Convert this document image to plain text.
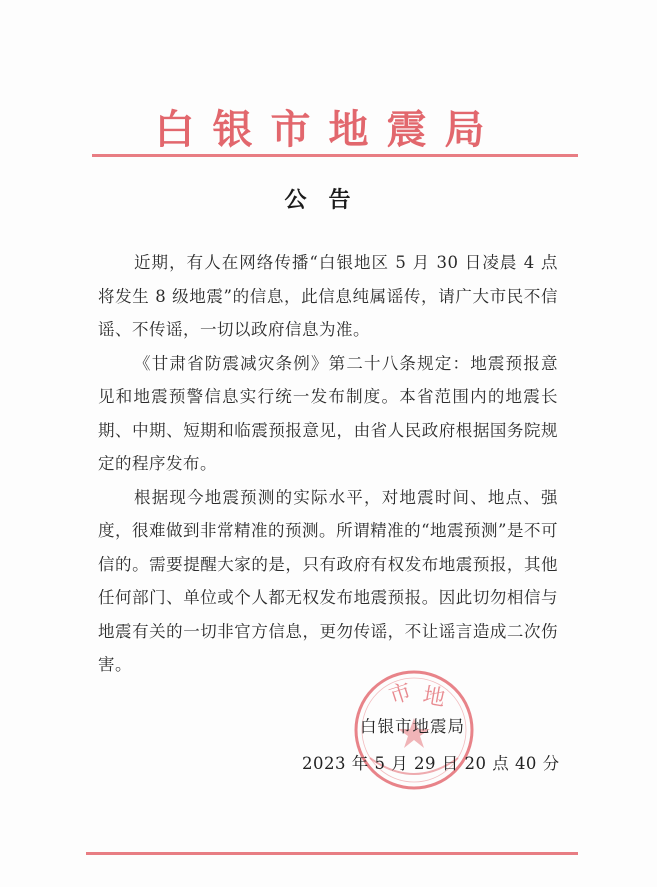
白银市地震局
公告

近期，有人在网络传播“白银地区 5 月 30 日凌晨 4 点将发生 8 级地震”的信息，此信息纯属谣传，请广大市民不信谣、不传谣，一切以政府信息为准。

《甘肃省防震减灾条例》第二十八条规定：地震预报意见和地震预警信息实行统一发布制度。本省范围内的地震长期、中期、短期和临震预报意见，由省人民政府根据国务院规定的程序发布。

根据现今地震预测的实际水平，对地震时间、地点、强度，很难做到非常精准的预测。所谓精准的“地震预测”是不可信的。需要提醒大家的是，只有政府有权发布地震预报，其他任何部门、单位或个人都无权发布地震预报。因此切勿相信与地震有关的一切非官方信息，更勿传谣，不让谣言造成二次伤害。

市 地
白银市地震局
2023 年 5 月 29 日 20 点 40 分
